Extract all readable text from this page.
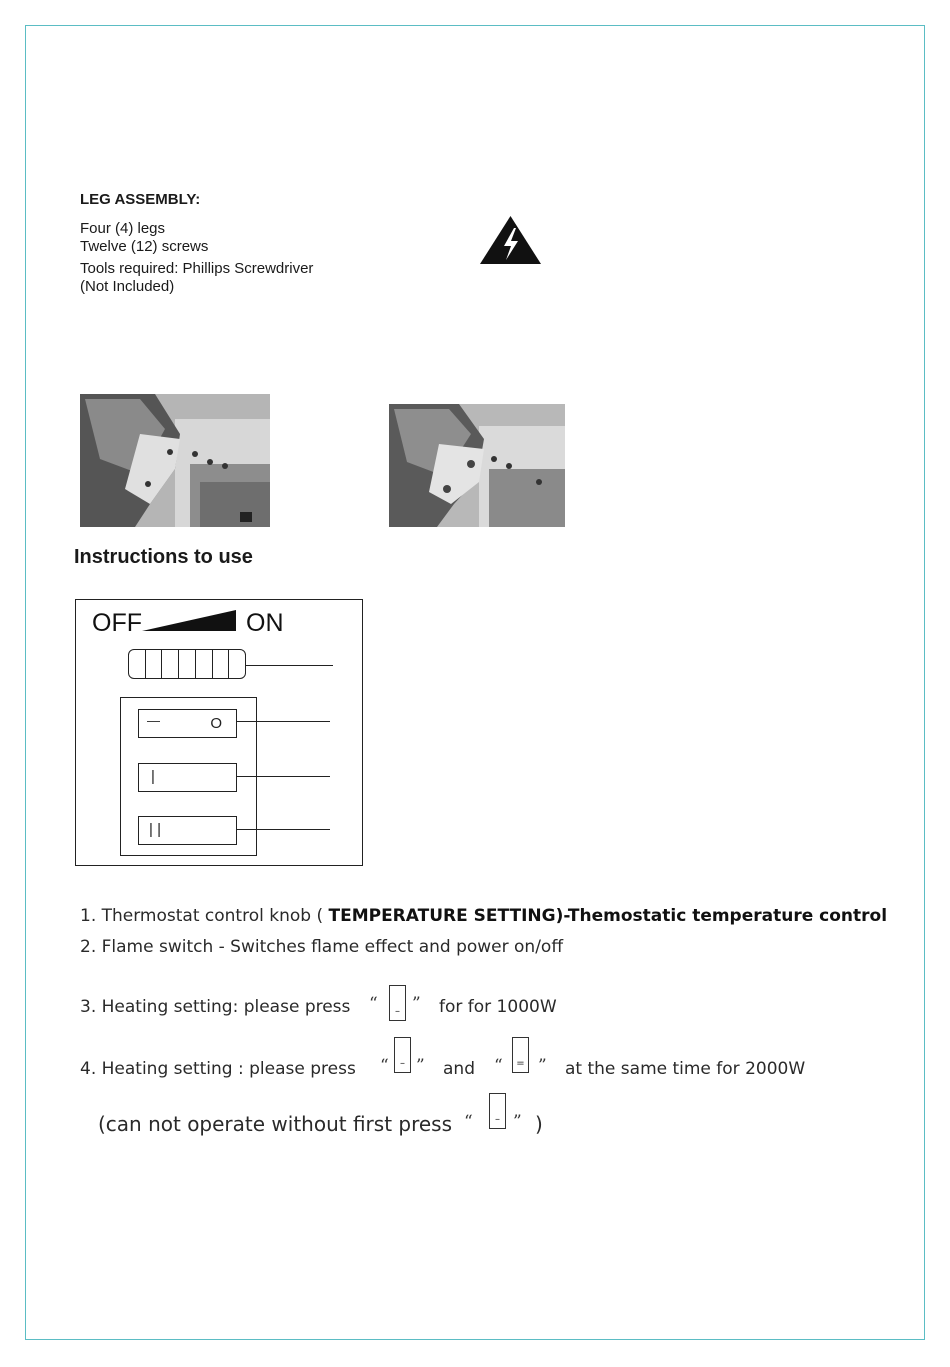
LEG ASSEMBLY:
Four (4) legs
Twelve (12) screws
Tools required: Phillips Screwdriver
(Not Included)
Instructions to use
OFF	ON
—	O
|
| |
1. Thermostat control knob ( TEMPERATURE SETTING)-Themostatic temperature control
2. Flame switch - Switches flame effect and power on/off
3. Heating setting: please press “	– ” for for 1000W
4. Heating setting : please press “	– ” and “	= ” at the same time for 2000W
(can not operate without first press “	– ” )
